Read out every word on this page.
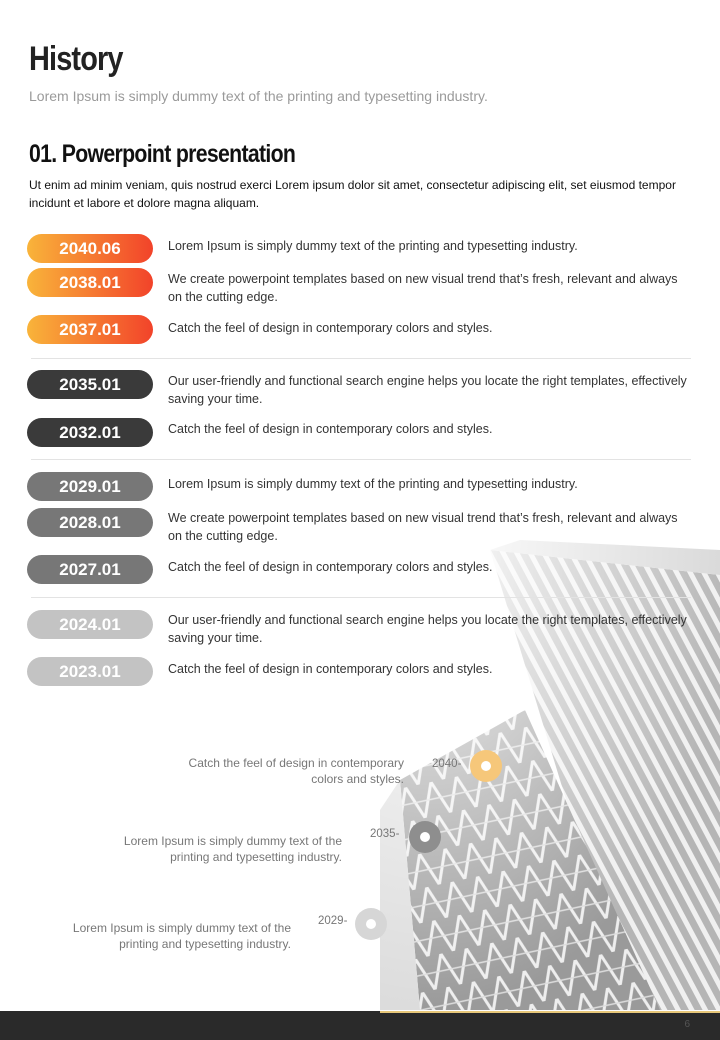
History
Lorem Ipsum is simply dummy text of the printing and typesetting industry.
01. Powerpoint presentation
Ut enim ad minim veniam, quis nostrud exerci Lorem ipsum dolor sit amet, consectetur adipiscing elit, set eiusmod tempor incidunt et labore et dolore magna aliquam.
2040.06	Lorem Ipsum is simply dummy text of the printing and typesetting industry.
2038.01	We create powerpoint templates based on new visual trend that’s fresh, relevant and always on the cutting edge.
2037.01	Catch the feel of design in contemporary colors and styles.
2035.01	Our user-friendly and functional search engine helps you locate the right templates, effectively saving your time.
2032.01	Catch the feel of design in contemporary colors and styles.
2029.01	Lorem Ipsum is simply dummy text of the printing and typesetting industry.
2028.01	We create powerpoint templates based on new visual trend that’s fresh, relevant and always on the cutting edge.
2027.01	Catch the feel of design in contemporary colors and styles.
2024.01	Our user-friendly and functional search engine helps you locate the right templates, effectively saving your time.
2023.01	Catch the feel of design in contemporary colors and styles.
Catch the feel of design in contemporary colors and styles.
2040-
Lorem Ipsum is simply dummy text of the printing and typesetting industry.
2035-
Lorem Ipsum is simply dummy text of the printing and typesetting industry.
2029-
6
